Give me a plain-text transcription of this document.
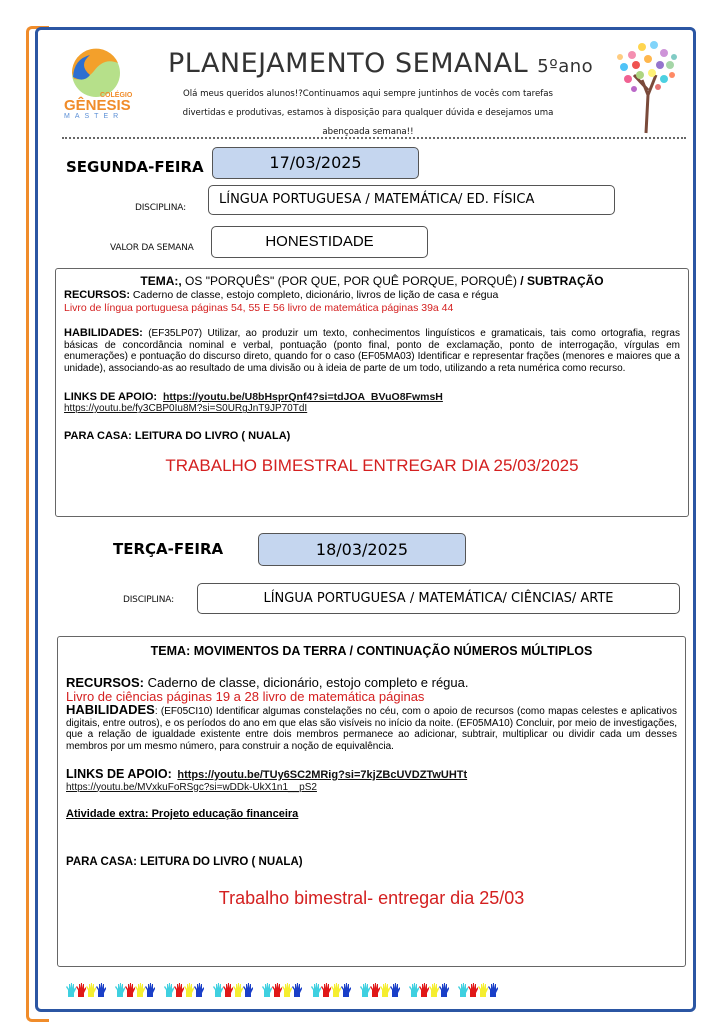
COLÉGIO
GÊNESIS
MASTER
PLANEJAMENTO SEMANAL 5ºano
Olá meus queridos alunos!?Continuamos aqui sempre juntinhos de vocês com tarefas divertidas e produtivas, estamos à disposição para qualquer dúvida e desejamos uma abençoada semana!!
SEGUNDA-FEIRA	17/03/2025
DISCIPLINA:
LÍNGUA PORTUGUESA / MATEMÁTICA/ ED. FÍSICA
VALOR DA SEMANA	HONESTIDADE
TEMA:, OS "PORQUÊS" (POR QUE, POR QUÊ PORQUE, PORQUÊ) / SUBTRAÇÃO
RECURSOS: Caderno de classe, estojo completo, dicionário, livros de lição de casa e régua
Livro de língua portuguesa páginas 54, 55 E 56 livro de matemática páginas 39a 44
HABILIDADES: (EF35LP07) Utilizar, ao produzir um texto, conhecimentos linguísticos e gramaticais, tais como ortografia, regras básicas de concordância nominal e verbal, pontuação (ponto final, ponto de exclamação, ponto de interrogação, vírgulas em enumerações) e pontuação do discurso direto, quando for o caso (EF05MA03) Identificar e representar frações (menores e maiores que a unidade), associando-as ao resultado de uma divisão ou à ideia de parte de um todo, utilizando a reta numérica como recurso.
LINKS DE APOIO: https://youtu.be/U8bHsprQnf4?si=tdJOA_BVuO8FwmsH
https://youtu.be/fy3CBP0Iu8M?si=S0URgJnT9JP70TdI
PARA CASA: LEITURA DO LIVRO ( NUALA)
TRABALHO BIMESTRAL ENTREGAR DIA 25/03/2025
TERÇA-FEIRA	18/03/2025
DISCIPLINA:	LÍNGUA PORTUGUESA / MATEMÁTICA/ CIÊNCIAS/ ARTE
TEMA: MOVIMENTOS DA TERRA / CONTINUAÇÃO NÚMEROS MÚLTIPLOS
RECURSOS: Caderno de classe, dicionário, estojo completo e régua.
Livro de ciências páginas 19 a 28 livro de matemática páginas
HABILIDADES: (EF05CI10) Identificar algumas constelações no céu, com o apoio de recursos (como mapas celestes e aplicativos digitais, entre outros), e os períodos do ano em que elas são visíveis no início da noite. (EF05MA10) Concluir, por meio de investigações, que a relação de igualdade existente entre dois membros permanece ao adicionar, subtrair, multiplicar ou dividir cada um desses membros por um mesmo número, para construir a noção de equivalência.
LINKS DE APOIO: https://youtu.be/TUy6SC2MRig?si=7kjZBcUVDZTwUHTt
https://youtu.be/MVxkuFoRSgc?si=wDDk-UkX1n1__pS2
Atividade extra: Projeto educação financeira
PARA CASA: LEITURA DO LIVRO ( NUALA)
Trabalho bimestral- entregar dia 25/03
